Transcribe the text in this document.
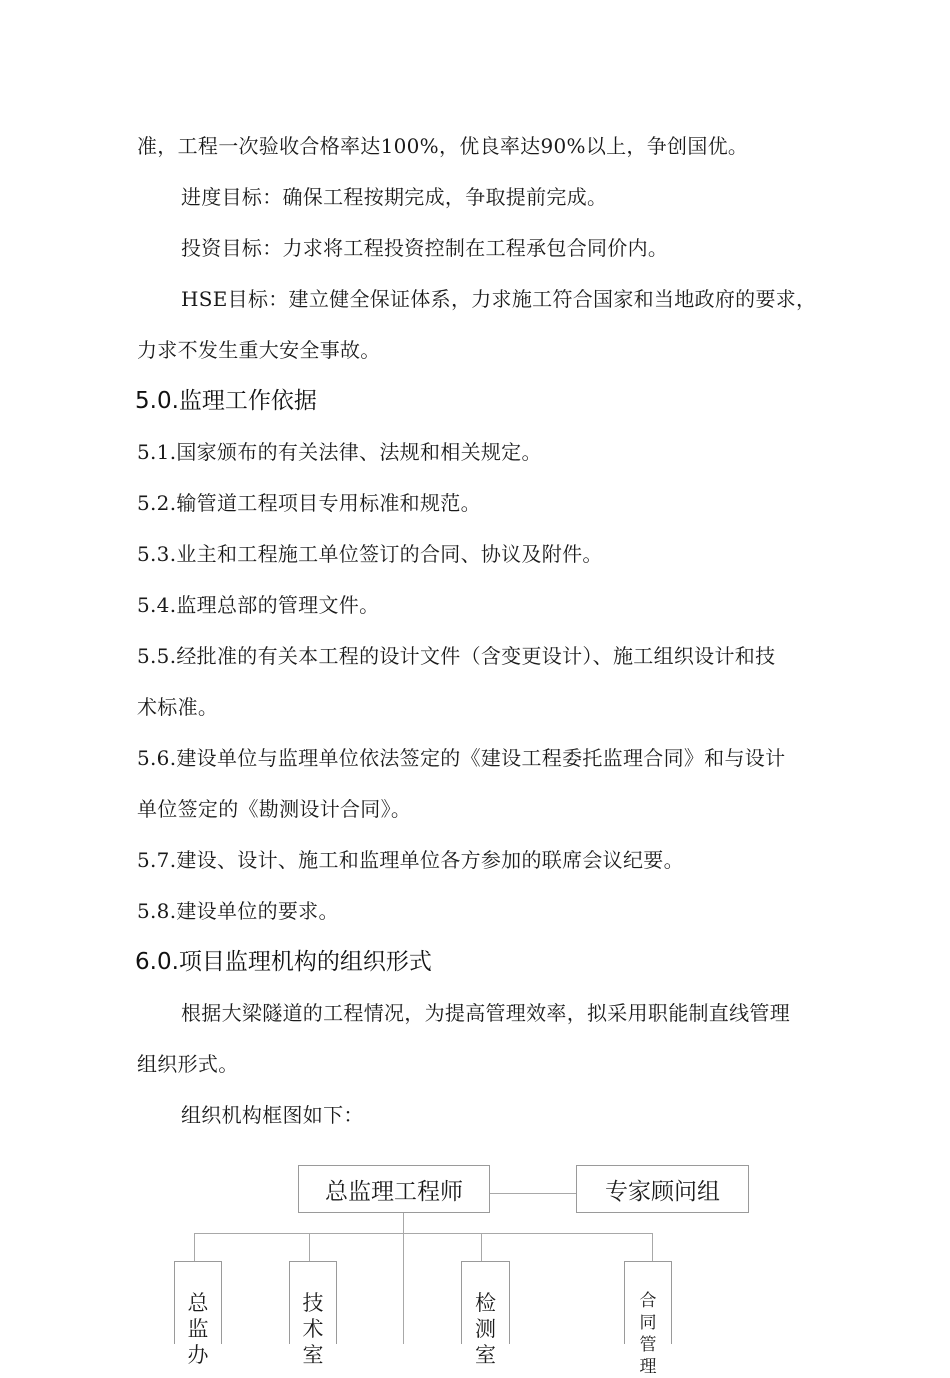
准，工程一次验收合格率达100%，优良率达90%以上，争创国优。
进度目标：确保工程按期完成，争取提前完成。
投资目标：力求将工程投资控制在工程承包合同价内。
HSE目标：建立健全保证体系，力求施工符合国家和当地政府的要求，
力求不发生重大安全事故。
5.0.监理工作依据
5.1.国家颁布的有关法律、法规和相关规定。
5.2.输管道工程项目专用标准和规范。
5.3.业主和工程施工单位签订的合同、协议及附件。
5.4.监理总部的管理文件。
5.5.经批准的有关本工程的设计文件（含变更设计）、施工组织设计和技
术标准。
5.6.建设单位与监理单位依法签定的《建设工程委托监理合同》和与设计
单位签定的《勘测设计合同》。
5.7.建设、设计、施工和监理单位各方参加的联席会议纪要。
5.8.建设单位的要求。
6.0.项目监理机构的组织形式
根据大梁隧道的工程情况，为提高管理效率，拟采用职能制直线管理
组织形式。
组织机构框图如下：
总监理工程师	专家顾问组
总监办
技术室
检测室
合同管理
